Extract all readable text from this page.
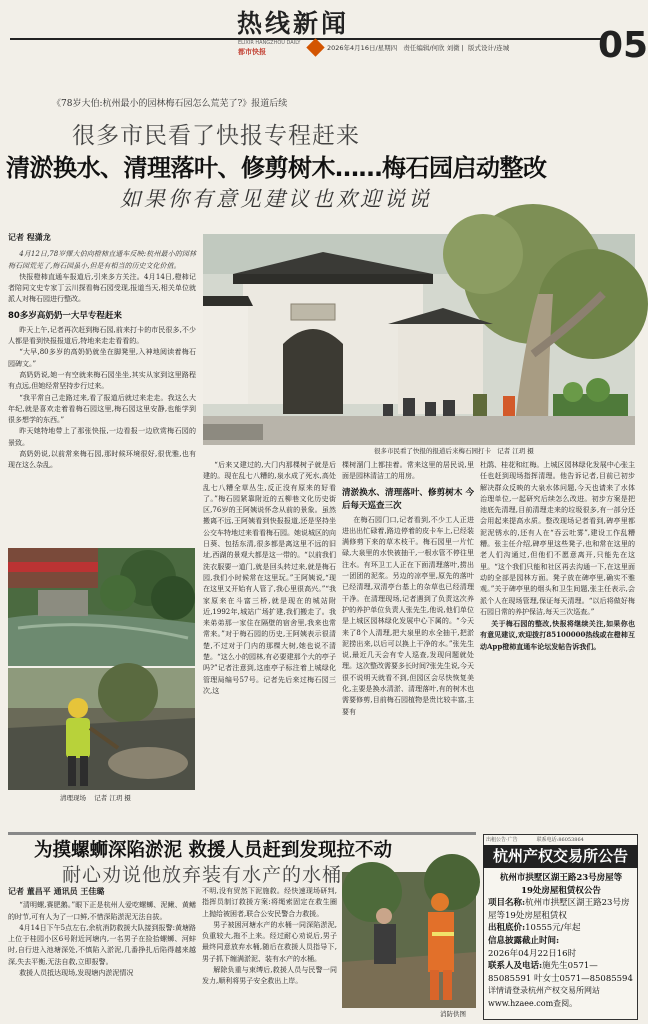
热线新闻
ELIXIR HANGZHOU DAILY
都市快报	2026年4月16日/星期四 责任编辑/何欣 刘微 |  版式设计/连城 05
《78岁大伯:杭州最小的园林梅石园怎么荒芜了?》报道后续
很多市民看了快报专程赶来
清淤换水、清理落叶、修剪树木……梅石园启动整改
如果你有意见建议也欢迎说说

记者 程潇龙

4月12日,78岁惲大伯向橙柿直通车反映:杭州最小的园林梅石园荒芜了,梅石园虽小,但是有相当的历史文化价值。

快报橙柿直通车报道后,引来多方关注。4月14日,橙柿记者陪同文史专家丁云川探看梅石园受现,报道当天,相关单位就派人对梅石园进行整改。

80多岁高奶奶一大早专程赶来

昨天上午,记者再次赶到梅石园,前来打卡的市民很多,不少人都是看到快报报道后,特地来走走看看的。

“大早,80多岁的高奶奶就坐在脚凳里,入神地阅读着梅石园碑文。”

高奶奶说,她一有空就来梅石园坐坐,其实从家到这里路程有点远,但她经常坚持步行过来。

“我平常自己走路过来,看了报道后就过来走走。我这么大年纪,就是喜欢走着看梅石园这里,梅石园这里安静,也能学到很多想学的东西。”

昨天她特地带上了那张快报,一边看报一边欣赏梅石园的景致。

高奶奶说,以前常来梅石园,那时候环境很好,很优雅,也有现在这么杂乱。

清理现场 记者 江玥 摄
很多市民看了快报的报道后来梅石园打卡 记者 江玥 摄

“后来又建过的,大门内那棵树子就是后建的。现在乱七八糟的,泉水成了死水,高处乱七八糟全草丛生,反正没有原来的好看了。”梅石园紧靠附近的五柳巷文化历史街区,76岁的王阿姨说怀念从前的景象。虽然搬离不远,王阿姨看到快报报道,还是坚持坐公交车特地过来看看梅石园。她说城区的向日葵、包括东清,很多都是离这里不远的旧址,西湖的景观大都是这一带的。“以前我们洗衣服要一道门,就是回头转过来,就是梅石园,我们小时候常在这里玩。”王阿姨说,“现在这里又开始有人管了,我心里很高兴。”“我家原来在斗富三桥,就是现在的城站附近,1992年,城站广场扩建,我们搬走了。我来弟弟那一家住在隔壁的宿舍里,我来也常常来。”对于梅石园的历史,王阿姨表示很清楚,不过对于门内的那棵大树,她也说不清楚。“这么小的园林,有必要建那个大的亭子吗?”记者注意到,这座亭子标注着上城绿化管理局编号57号。记者先后来过梅石园三次,这

棵树溜门上都挂着。常来这里的居民说,里面是园林清洁工的用房。

清淤换水、清理落叶、修剪树木 今后每天巡查三次

在梅石园门口,记者看到,不少工人正进进出出忙碌着,路边停着的皮卡车上,已经装满修剪下来的草木枝干。梅石园里一片忙碌,大泉里的水快被抽干,一根水管不停往里注水。有环卫工人正在下面清理落叶,捞出一团团的泥浆。另边的凉亭里,原先的落叶已经清理,双清亭台基上的杂草也已经清理干净。在清理现场,记者遇到了负责这次养护的养护单位负责人张先生,他说,他们单位是上城区园林绿化发展中心下属的。“今天来了8个人清理,把大泉里的水全抽干,把淤泥捞出来,以后可以换上干净的水。”张先生说,最近几天会有专人巡查,发现问题就处理。这次整改需要多长时间?张先生说,今天很不说明天就看不到,但园区会尽快恢复美化,主要是换水清淤、清理落叶,有的树木也需要修剪,目前梅石园植物是贵比较丰富,主要有

杜鹃、桂花和红梅。上城区园林绿化发展中心张主任也赶到现场指挥清理。他告诉记者,目前已初步解决群众反映的大泉水体问题,今天也请来了水体治理单位,一起研究后续怎么改进。初步方案是把池底先清理,目前清理走来的垃圾很多,有一部分还会用起来提高水质。整改现场记者看到,碑亭里都泥泥锈水的,还有人在“吞云吐雾”,建设工作乱糟糟。张主任介绍,碑亭里这些凳子,也和常在这里的老人们沟通过,但他们不愿意离开,只能先在这里。“这个我们只能和社区再去沟通一下,在这里面动的全部是园林方面。凳子放在碑亭里,确实不雅观。”关于碑亭里的烟头和卫生间题,张主任表示,会派个人在现场管理,保证每天清理。“以后将做好梅石园日常的养护保洁,每天三次巡查。”

关于梅石园的整改,快报将继续关注,如果你也有意见建议,欢迎拨打85100000热线或在橙柿互动App橙柿直通车论坛发帖告诉我们。

为摸螺蛳深陷淤泥 救援人员赶到发现拉不动
耐心劝说他放弃装有水产的水桶

记者 董昌平 通讯员 王佳璐

“清明螺,赛肥鹅。”眼下正是杭州人爱吃螺蛳、泥鳅、黄鳝的时节,可有人为了一口鲜,不惜深陷淤泥无法自拔。

4月14日下午5点左右,余杭消防救援大队接到报警:黄塘路上位于桂园小区6号附近河塘内,一名男子在捡拾螺蛳、河蚌时,自行进入池塘深处,不慎陷入淤泥,几番挣扎后陷得越来越深,失去平衡,无法自救,立即报警。

救援人员抵达现场,发现塘内淤泥情况

不明,没有贸然下泥施救。经快速现场研判,指挥员制订救援方案:将绳索固定在救生圈上抛给被困者,联合公安民警合力救援。

男子被困河塘水产的水桶一同深陷淤泥,负重较大,拖不上来。经过耐心劝说后,男子最终同意放弃水桶,随后在救援人员指导下,男子抓下缠满淤泥、装有水产的水桶。

解除负重与束缚后,救援人员与民警一同发力,顺利将男子安全救出上岸。

消防供图
出租公告·广告	联系电话:86053864
杭州产权交易所公告
杭州市拱墅区湖王路23号房屋等
19处房屋租赁权公告
项目名称:杭州市拱墅区湖王路23号房屋等19处房屋租赁权
出租底价:10555元/年起
信息披露截止时间:
2026年04月22日16时
联系人及电话:施先生0571—85085591 叶女士0571—85085594
详情请登录杭州产权交易所网站www.hzaee.com查阅。
